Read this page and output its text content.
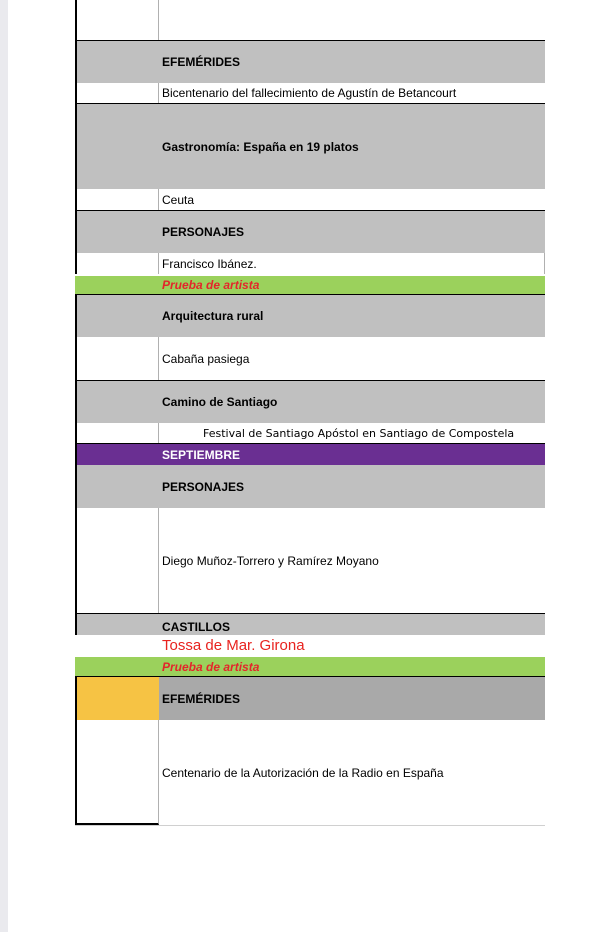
EFEMÉRIDES
Bicentenario del fallecimiento de Agustín de Betancourt
Gastronomía: España en 19 platos
Ceuta
PERSONAJES
Francisco Ibánez.
Prueba de artista
Arquitectura rural
Cabaña pasiega
Camino de Santiago
Festival de Santiago Apóstol en Santiago de Compostela
SEPTIEMBRE
PERSONAJES
Diego Muñoz-Torrero y Ramírez Moyano
CASTILLOS
Tossa de Mar. Girona
Prueba de artista
EFEMÉRIDES
Centenario de la Autorización de la Radio en España
